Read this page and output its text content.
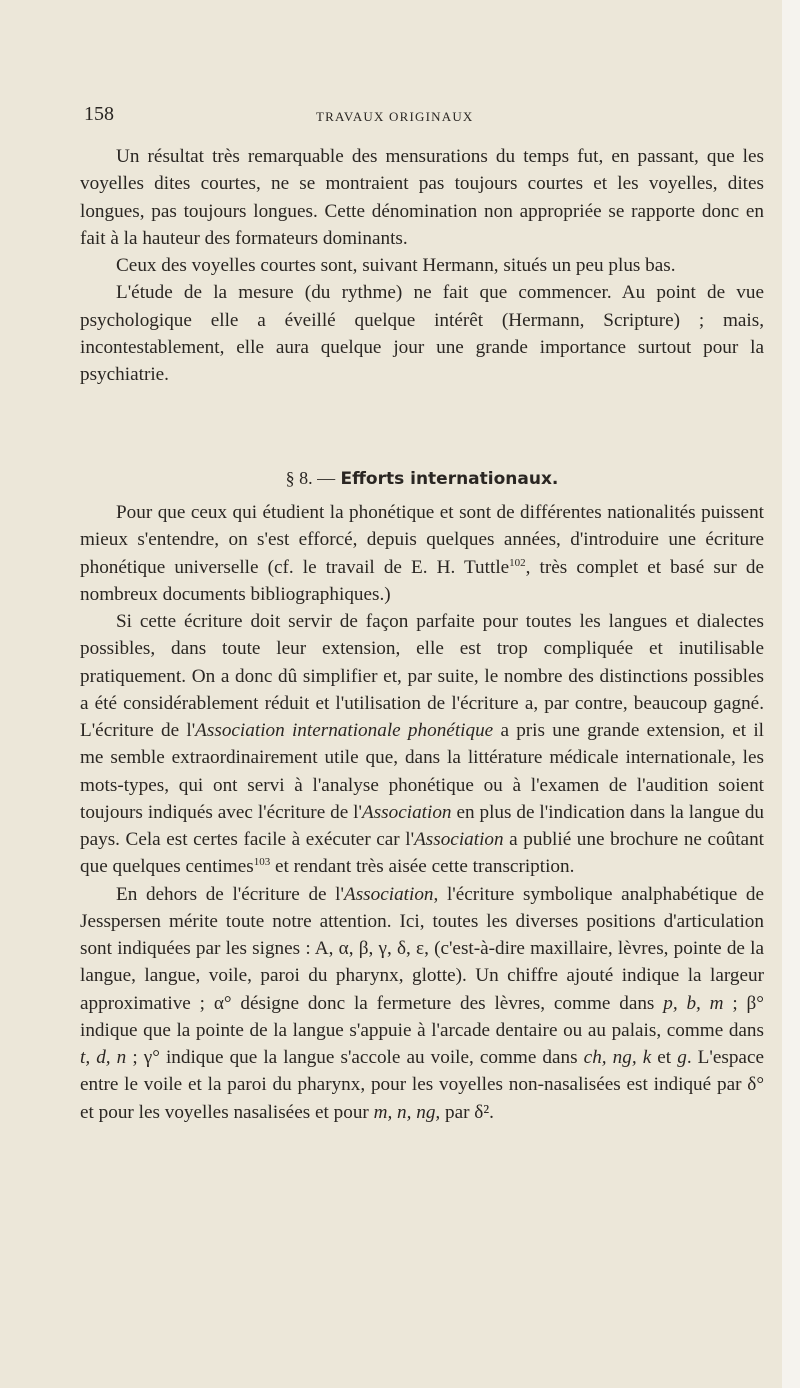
158	TRAVAUX ORIGINAUX

Un résultat très remarquable des mensurations du temps fut, en passant, que les voyelles dites courtes, ne se montraient pas toujours courtes et les voyelles, dites longues, pas toujours longues. Cette dénomination non appropriée se rapporte donc en fait à la hauteur des formateurs dominants.

Ceux des voyelles courtes sont, suivant Hermann, situés un peu plus bas.

L'étude de la mesure (du rythme) ne fait que commencer. Au point de vue psychologique elle a éveillé quelque intérêt (Hermann, Scripture) ; mais, incontestablement, elle aura quelque jour une grande importance surtout pour la psychiatrie.

§ 8. — Efforts internationaux.

Pour que ceux qui étudient la phonétique et sont de différentes nationalités puissent mieux s'entendre, on s'est efforcé, depuis quelques années, d'introduire une écriture phonétique universelle (cf. le travail de E. H. Tuttle$^{102}$, très complet et basé sur de nombreux documents bibliographiques.)

Si cette écriture doit servir de façon parfaite pour toutes les langues et dialectes possibles, dans toute leur extension, elle est trop compliquée et inutilisable pratiquement. On a donc dû simplifier et, par suite, le nombre des distinctions possibles a été considérablement réduit et l'utilisation de l'écriture a, par contre, beaucoup gagné. L'écriture de l'Association internationale phonétique a pris une grande extension, et il me semble extraordinairement utile que, dans la littérature médicale internationale, les mots-types, qui ont servi à l'analyse phonétique ou à l'examen de l'audition soient toujours indiqués avec l'écriture de l'Association en plus de l'indication dans la langue du pays. Cela est certes facile à exécuter car l'Association a publié une brochure ne coûtant que quelques centimes$^{103}$ et rendant très aisée cette transcription.

En dehors de l'écriture de l'Association, l'écriture symbolique analphabétique de Jesspersen mérite toute notre attention. Ici, toutes les diverses positions d'articulation sont indiquées par les signes : A, α, β, γ, δ, ε, (c'est-à-dire maxillaire, lèvres, pointe de la langue, langue, voile, paroi du pharynx, glotte). Un chiffre ajouté indique la largeur approximative ; α° désigne donc la fermeture des lèvres, comme dans p, b, m ; β° indique que la pointe de la langue s'appuie à l'arcade dentaire ou au palais, comme dans t, d, n ; γ° indique que la langue s'accole au voile, comme dans ch, ng, k et g. L'espace entre le voile et la paroi du pharynx, pour les voyelles non-nasalisées est indiqué par δ° et pour les voyelles nasalisées et pour m, n, ng, par δ².
